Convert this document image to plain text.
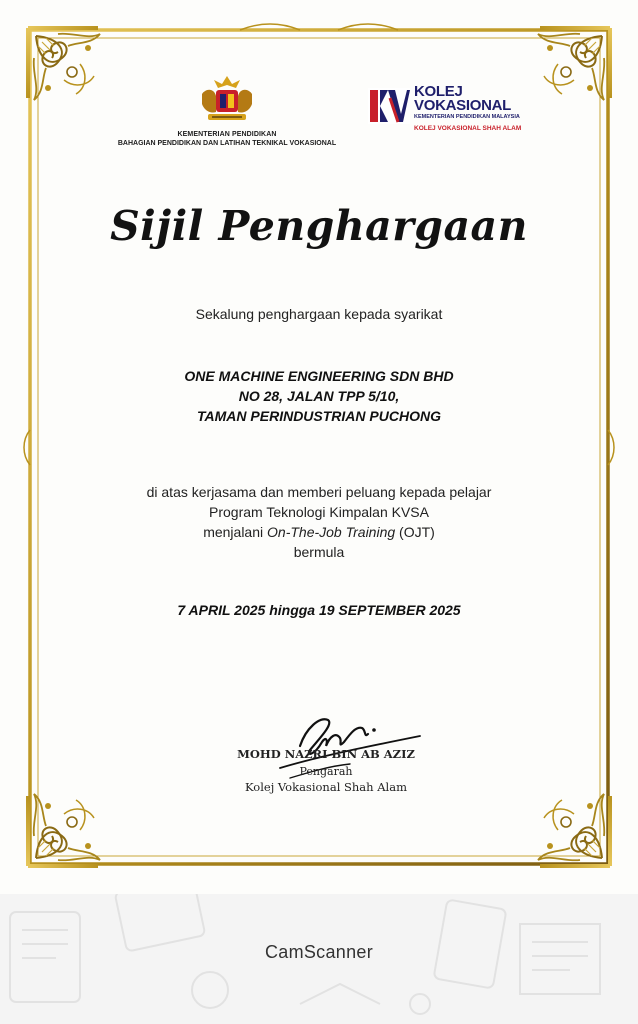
KEMENTERIAN PENDIDIKAN
BAHAGIAN PENDIDIKAN DAN LATIHAN TEKNIKAL VOKASIONAL
KOLEJ
VOKASIONAL
KEMENTERIAN PENDIDIKAN MALAYSIA
KOLEJ VOKASIONAL SHAH ALAM
Sijil Penghargaan
Sekalung penghargaan kepada syarikat
ONE MACHINE ENGINEERING SDN BHD
NO 28, JALAN TPP 5/10,
TAMAN PERINDUSTRIAN PUCHONG
di atas kerjasama dan memberi peluang kepada pelajar
Program Teknologi Kimpalan KVSA
menjalani On-The-Job Training (OJT)
bermula
7 APRIL 2025 hingga 19 SEPTEMBER 2025
MOHD NAZRI BIN AB AZIZ
Pengarah
Kolej Vokasional Shah Alam
CamScanner
